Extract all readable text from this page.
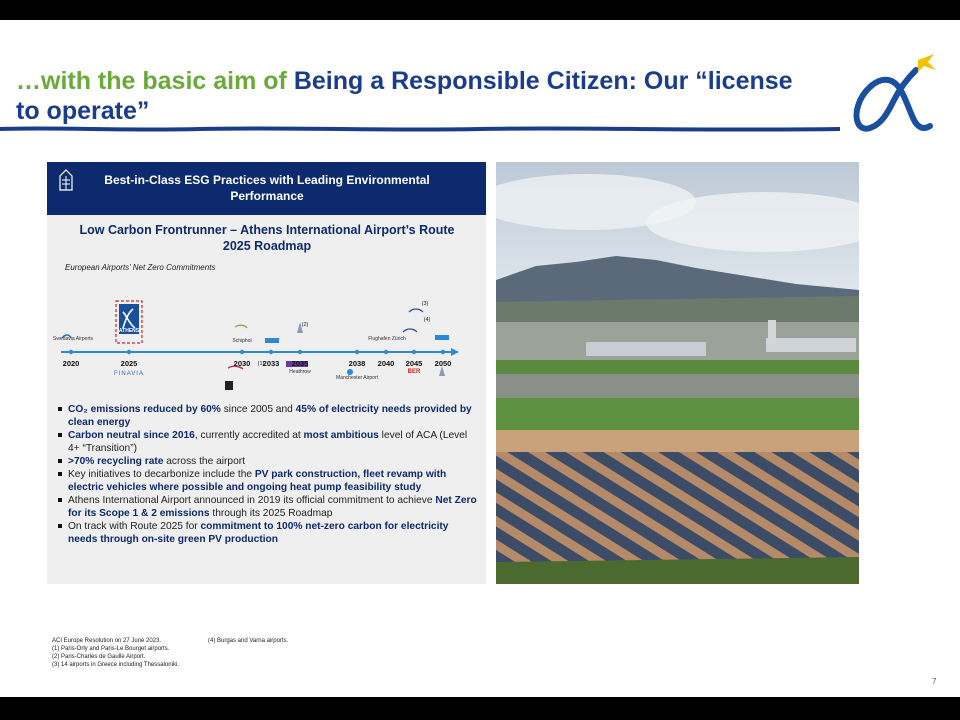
…with the basic aim of Being a Responsible Citizen: Our “license to operate”
Best-in-Class ESG Practices with Leading Environmental Performance
Low Carbon Frontrunner – Athens International Airport’s Route 2025 Roadmap
European Airports’ Net Zero Commitments
Swedavia Airports
ATHENS
Schiphol
Heathrow
Manchester Airport
Flughafen Zürich
BER
(1)
(2)
(3)
(4)
2020	2025	2030 2033 2035	2038 2040 2045 2050
FINAVIA
CO₂ emissions reduced by 60% since 2005 and 45% of electricity needs provided by clean energy
Carbon neutral since 2016, currently accredited at most ambitious level of ACA (Level 4+ “Transition”)
>70% recycling rate across the airport
Key initiatives to decarbonize include the PV park construction, fleet revamp with electric vehicles where possible and ongoing heat pump feasibility study
Athens International Airport announced in 2019 its official commitment to achieve Net Zero for its Scope 1 & 2 emissions through its 2025 Roadmap
On track with Route 2025 for commitment to 100% net-zero carbon for electricity needs through on-site green PV production
ACI Europe Resolution on 27 June 2023.
(1) Paris-Orly and Paris-Le Bourget airports.
(2) Paris-Charles de Gaulle Airport.
(3) 14 airports in Greece including Thessaloniki.
(4) Burgas and Varna airports.
7
